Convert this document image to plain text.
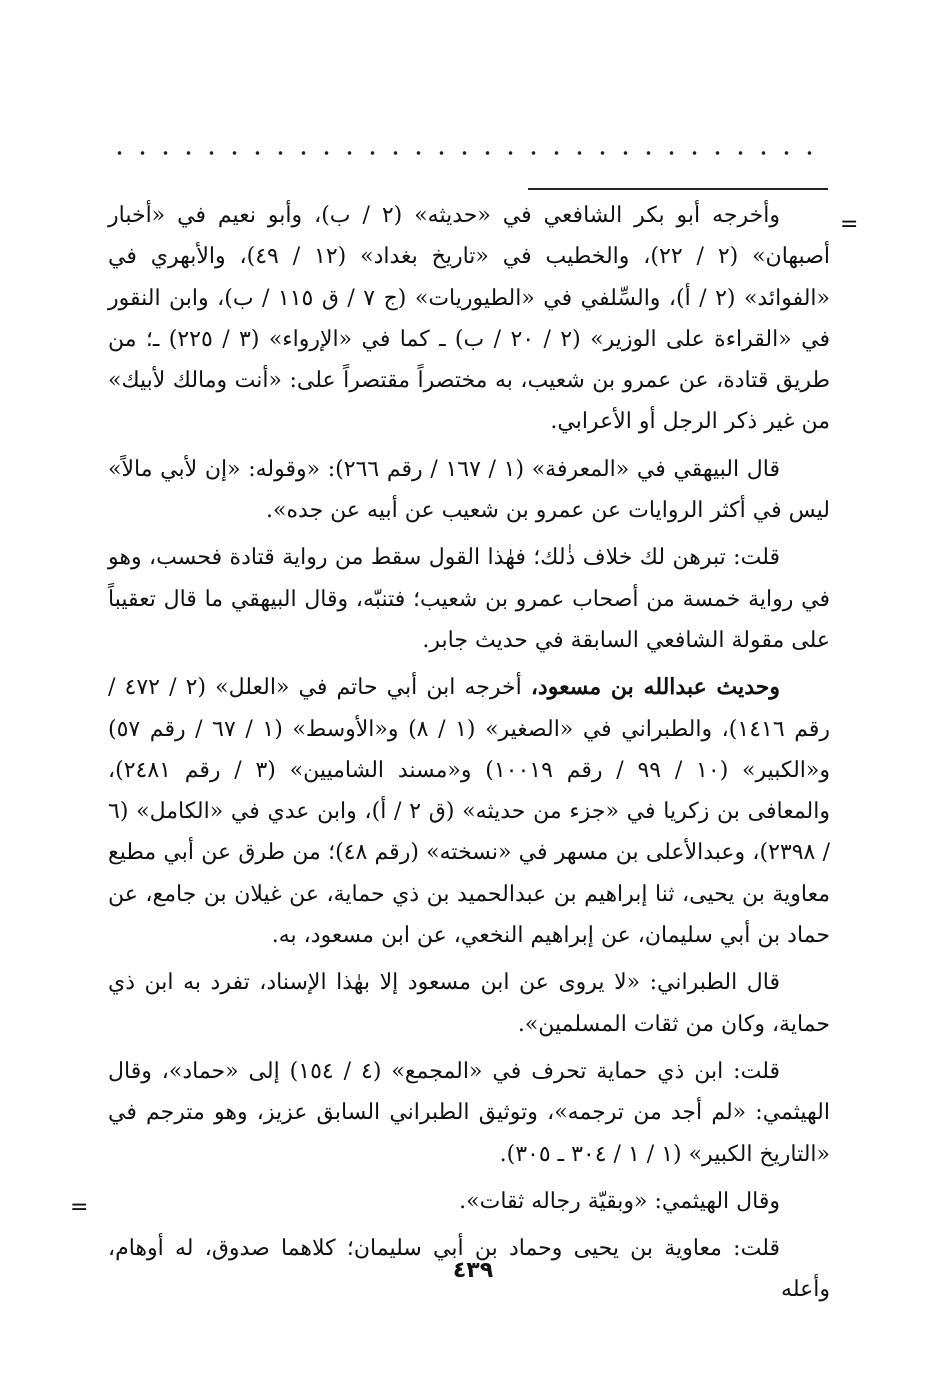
=

وأخرجه أبو بكر الشافعي في «حديثه» (٢ / ب)، وأبو نعيم في «أخبار أصبهان» (٢ / ٢٢)، والخطيب في «تاريخ بغداد» (١٢ / ٤٩)، والأبهري في «الفوائد» (٢ / أ)، والسِّلفي في «الطيوريات» (ج ٧ / ق ١١٥ / ب)، وابن النقور في «القراءة على الوزير» (٢ / ٢٠ / ب) ـ كما في «الإرواء» (٣ / ٢٢٥) ـ؛ من طريق قتادة، عن عمرو بن شعيب، به مختصراً مقتصراً على: «أنت ومالك لأبيك» من غير ذكر الرجل أو الأعرابي.

قال البيهقي في «المعرفة» (١ / ١٦٧ / رقم ٢٦٦): «وقوله: «إن لأبي مالاً» ليس في أكثر الروايات عن عمرو بن شعيب عن أبيه عن جده».

قلت: تبرهن لك خلاف ذٰلك؛ فهٰذا القول سقط من رواية قتادة فحسب، وهو في رواية خمسة من أصحاب عمرو بن شعيب؛ فتنبّه، وقال البيهقي ما قال تعقيباً على مقولة الشافعي السابقة في حديث جابر.

وحديث عبدالله بن مسعود، أخرجه ابن أبي حاتم في «العلل» (٢ / ٤٧٢ / رقم ١٤١٦)، والطبراني في «الصغير» (١ / ٨) و«الأوسط» (١ / ٦٧ / رقم ٥٧) و«الكبير» (١٠ / ٩٩ / رقم ١٠٠١٩) و«مسند الشاميين» (٣ / رقم ٢٤٨١)، والمعافى بن زكريا في «جزء من حديثه» (ق ٢ / أ)، وابن عدي في «الكامل» (٦ / ٢٣٩٨)، وعبدالأعلى بن مسهر في «نسخته» (رقم ٤٨)؛ من طرق عن أبي مطيع معاوية بن يحيى، ثنا إبراهيم بن عبدالحميد بن ذي حماية، عن غيلان بن جامع، عن حماد بن أبي سليمان، عن إبراهيم النخعي، عن ابن مسعود، به.

قال الطبراني: «لا يروى عن ابن مسعود إلا بهٰذا الإسناد، تفرد به ابن ذي حماية، وكان من ثقات المسلمين».

قلت: ابن ذي حماية تحرف في «المجمع» (٤ / ١٥٤) إلى «حماد»، وقال الهيثمي: «لم أجد من ترجمه»، وتوثيق الطبراني السابق عزيز، وهو مترجم في «التاريخ الكبير» (١ / ١ / ٣٠٤ ـ ٣٠٥).

وقال الهيثمي: «وبقيّة رجاله ثقات».

قلت: معاوية بن يحيى وحماد بن أبي سليمان؛ كلاهما صدوق، له أوهام، وأعله

=
٤٣٩
